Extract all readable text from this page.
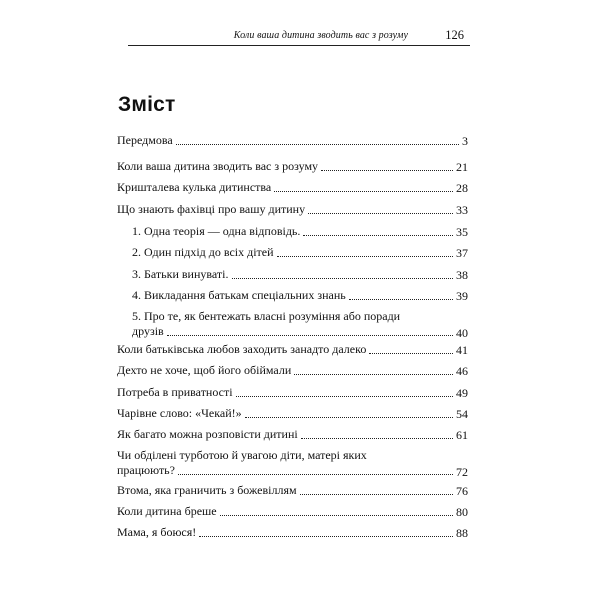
Коли ваша дитина зводить вас з розуму	126
Зміст
Передмова	3
Коли ваша дитина зводить вас з розуму	21
Кришталева кулька дитинства	28
Що знають фахівці про вашу дитину	33
1. Одна теорія — одна відповідь.	35
2. Один підхід до всіх дітей	37
3. Батьки винуваті.	38
4. Викладання батькам спеціальних знань	39
5. Про те, як бентежать власні розуміння або поради
друзів	40
Коли батьківська любов заходить занадто далеко	41
Дехто не хоче, щоб його обіймали	46
Потреба в приватності	49
Чарівне слово: «Чекай!»	54
Як багато можна розповісти дитині	61
Чи обділені турботою й увагою діти, матері яких
працюють?	72
Втома, яка граничить з божевіллям	76
Коли дитина бреше	80
Мама, я боюся!	88
